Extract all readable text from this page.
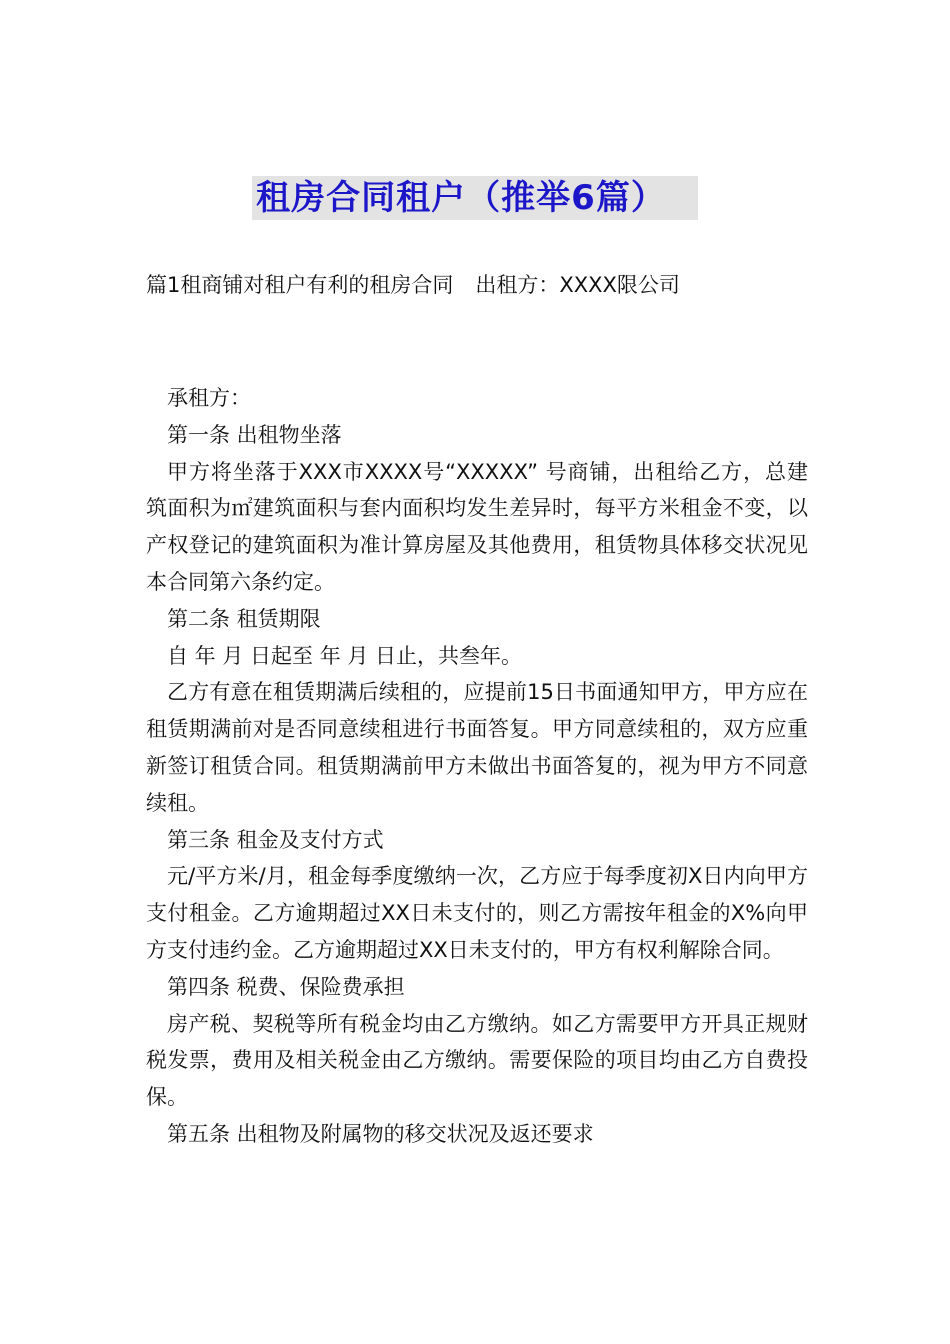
租房合同租户（推举6篇）
篇1租商铺对租户有利的租房合同 出租方：XXXX限公司

承租方：

第一条 出租物坐落

甲方将坐落于XXX市XXXX号“XXXXX” 号商铺，出租给乙方，总建筑面积为㎡建筑面积与套内面积均发生差异时，每平方米租金不变，以产权登记的建筑面积为准计算房屋及其他费用，租赁物具体移交状况见本合同第六条约定。

第二条 租赁期限

自 年 月 日起至 年 月 日止，共叁年。

乙方有意在租赁期满后续租的，应提前15日书面通知甲方，甲方应在租赁期满前对是否同意续租进行书面答复。甲方同意续租的，双方应重新签订租赁合同。租赁期满前甲方未做出书面答复的，视为甲方不同意续租。

第三条 租金及支付方式

元/平方米/月，租金每季度缴纳一次，乙方应于每季度初X日内向甲方支付租金。乙方逾期超过XX日未支付的，则乙方需按年租金的X%向甲方支付违约金。乙方逾期超过XX日未支付的，甲方有权利解除合同。

第四条 税费、保险费承担

房产税、契税等所有税金均由乙方缴纳。如乙方需要甲方开具正规财税发票，费用及相关税金由乙方缴纳。需要保险的项目均由乙方自费投保。

第五条 出租物及附属物的移交状况及返还要求
